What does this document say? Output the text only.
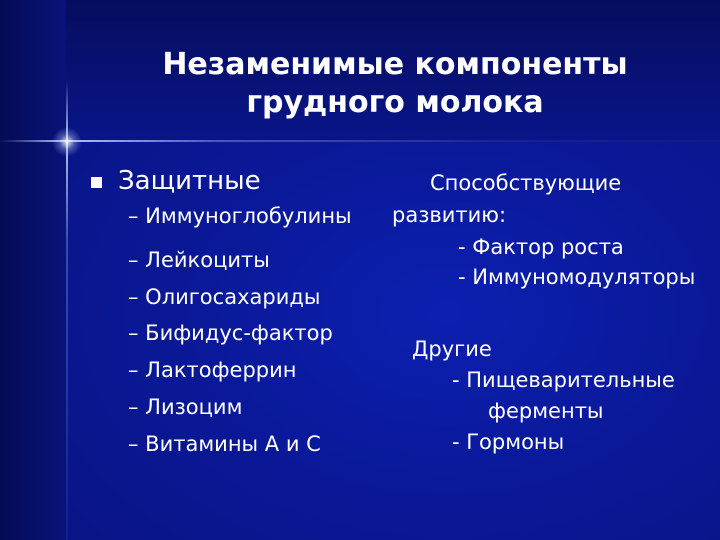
Незаменимые компоненты
грудного молока

Защитные

– Иммуноглобулины

– Лейкоциты

– Олигосахариды

– Бифидус-фактор

– Лактоферрин

– Лизоцим

– Витамины А и С

Способствующие

развитию:

- Фактор роста

- Иммуномодуляторы

Другие

- Пищеварительные

ферменты

- Гормоны
